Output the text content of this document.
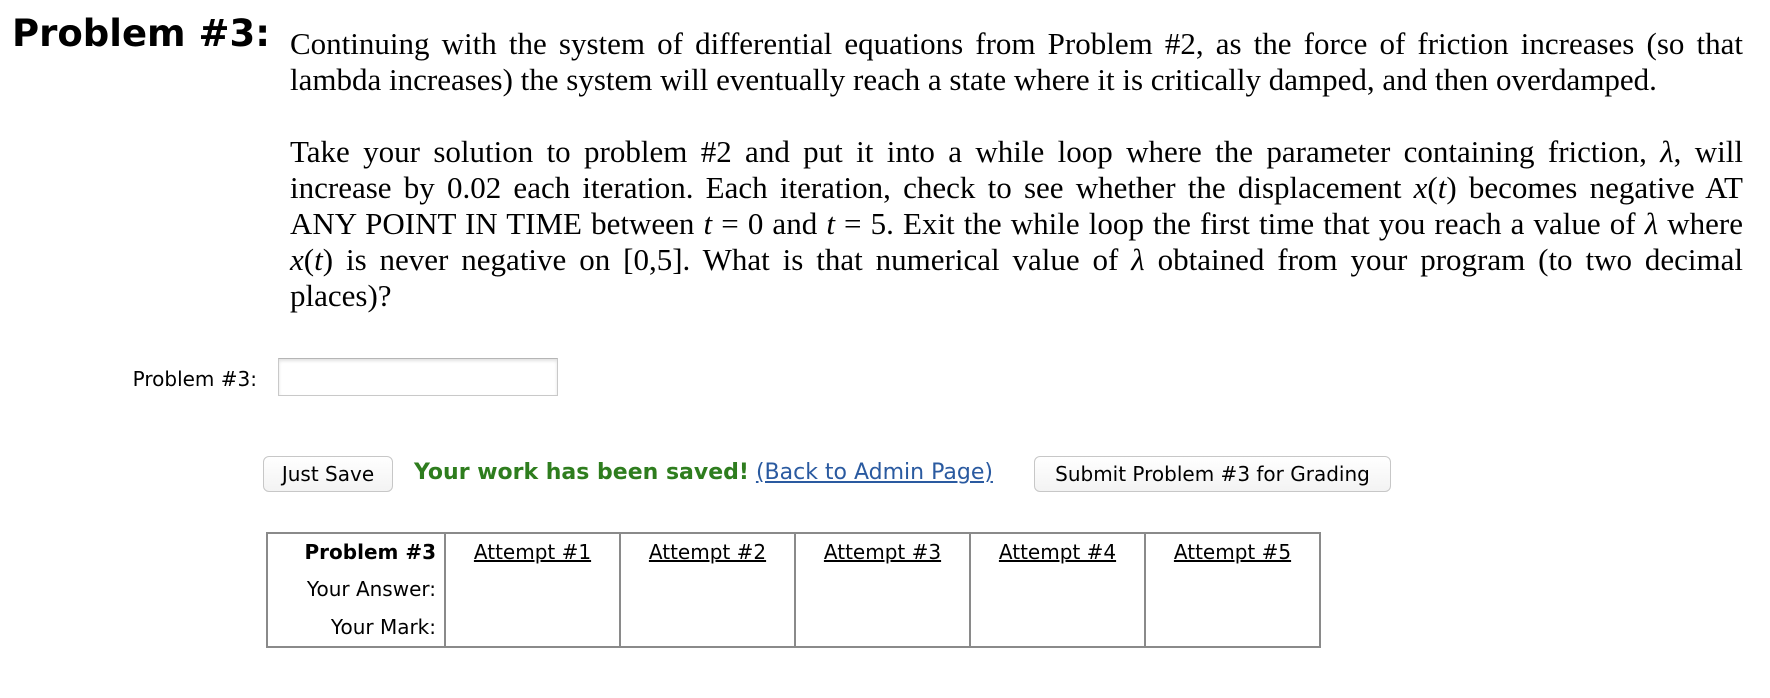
Problem #3: Continuing with the system of differential equations from Problem #2, as the force of friction increases (so that lambda increases) the system will eventually reach a state where it is critically damped, and then overdamped.

Take your solution to problem #2 and put it into a while loop where the parameter containing friction, λ, will increase by 0.02 each iteration. Each iteration, check to see whether the displacement x(t) becomes negative AT ANY POINT IN TIME between t = 0 and t = 5. Exit the while loop the first time that you reach a value of λ where x(t) is never negative on [0,5]. What is that numerical value of λ obtained from your program (to two decimal places)?

Problem #3:
Just Save	Your work has been saved! (Back to Admin Page)	Submit Problem #3 for Grading
Problem #3	Attempt #1	Attempt #2	Attempt #3	Attempt #4	Attempt #5
Your Answer:					
Your Mark:					
